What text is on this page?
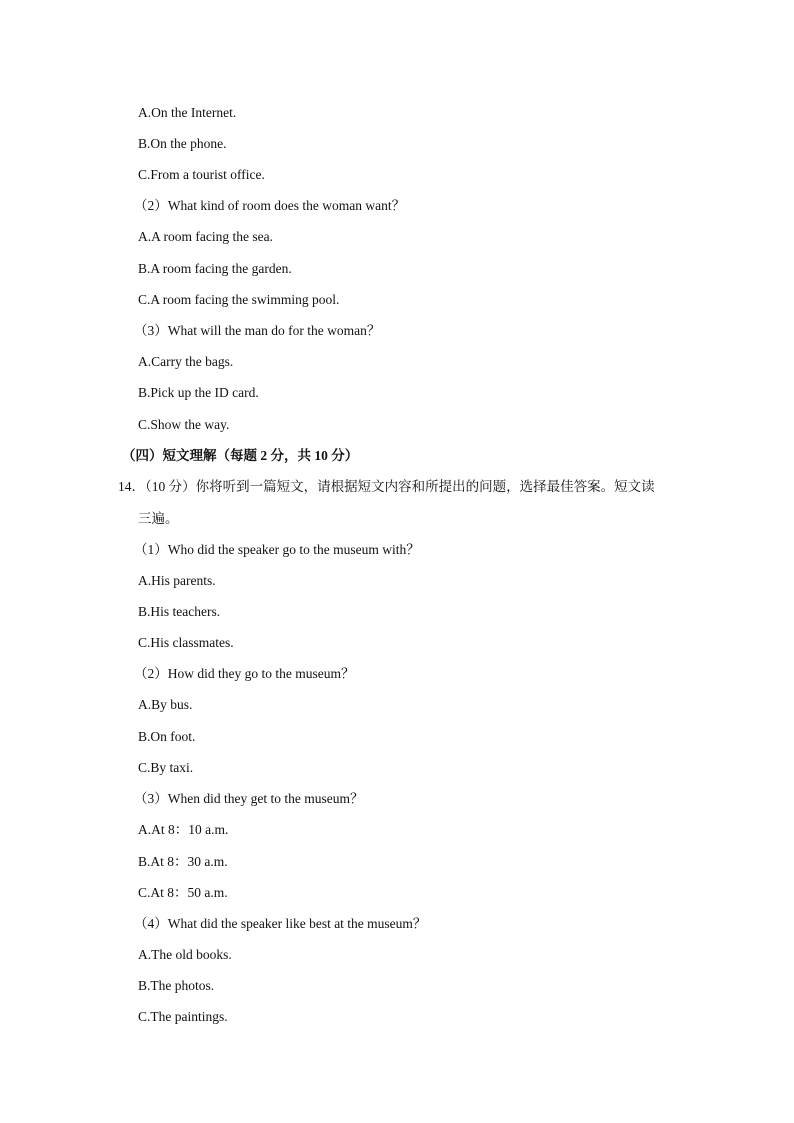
A.On the Internet.
B.On the phone.
C.From a tourist office.
（2）What kind of room does the woman want？
A.A room facing the sea.
B.A room facing the garden.
C.A room facing the swimming pool.
（3）What will the man do for the woman？
A.Carry the bags.
B.Pick up the ID card.
C.Show the way.
（四）短文理解（每题 2 分，共 10 分）
14．（10 分）你将听到一篇短文，请根据短文内容和所提出的问题，选择最佳答案。短文读
三遍。
（1）Who did the speaker go to the museum with？
A.His parents.
B.His teachers.
C.His classmates.
（2）How did they go to the museum？
A.By bus.
B.On foot.
C.By taxi.
（3）When did they get to the museum？
A.At 8：10 a.m.
B.At 8：30 a.m.
C.At 8：50 a.m.
（4）What did the speaker like best at the museum？
A.The old books.
B.The photos.
C.The paintings.
